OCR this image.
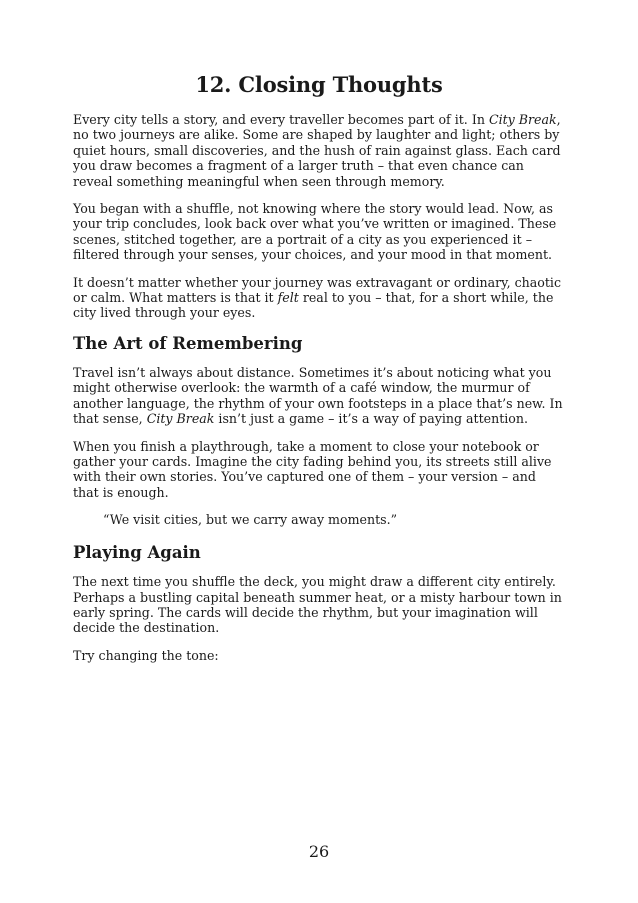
12. Closing Thoughts

Every city tells a story, and every traveller becomes part of it. In City Break, no two journeys are alike. Some are shaped by laughter and light; others by quiet hours, small discoveries, and the hush of rain against glass. Each card you draw becomes a fragment of a larger truth – that even chance can reveal something meaningful when seen through memory.

You began with a shuffle, not knowing where the story would lead. Now, as your trip concludes, look back over what you’ve written or imagined. These scenes, stitched together, are a portrait of a city as you experienced it – filtered through your senses, your choices, and your mood in that moment.

It doesn’t matter whether your journey was extravagant or ordinary, chaotic or calm. What matters is that it felt real to you – that, for a short while, the city lived through your eyes.

The Art of Remembering

Travel isn’t always about distance. Sometimes it’s about noticing what you might otherwise overlook: the warmth of a café window, the murmur of another language, the rhythm of your own footsteps in a place that’s new. In that sense, City Break isn’t just a game – it’s a way of paying attention.

When you finish a playthrough, take a moment to close your notebook or gather your cards. Imagine the city fading behind you, its streets still alive with their own stories. You’ve captured one of them – your version – and that is enough.

“We visit cities, but we carry away moments.”
Playing Again

The next time you shuffle the deck, you might draw a different city entirely. Perhaps a bustling capital beneath summer heat, or a misty harbour town in early spring. The cards will decide the rhythm, but your imagination will decide the destination.

Try changing the tone:

26
